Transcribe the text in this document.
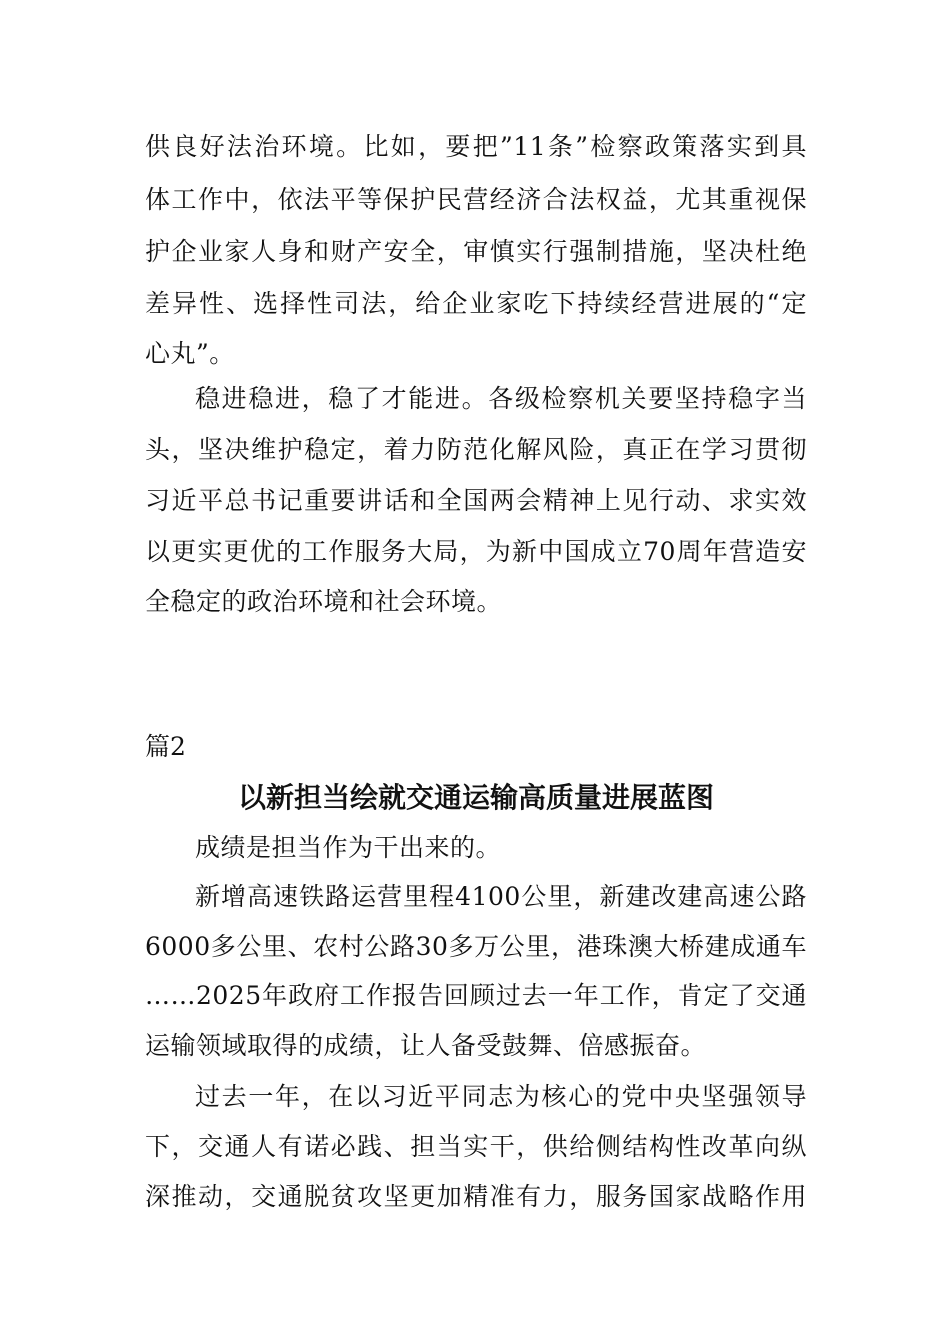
供良好法治环境。比如，要把”11条”检察政策落实到具
体工作中，依法平等保护民营经济合法权益，尤其重视保
护企业家人身和财产安全，审慎实行强制措施，坚决杜绝
差异性、选择性司法，给企业家吃下持续经营进展的“定
心丸”。
稳进稳进，稳了才能进。各级检察机关要坚持稳字当
头，坚决维护稳定，着力防范化解风险，真正在学习贯彻
习近平总书记重要讲话和全国两会精神上见行动、求实效
以更实更优的工作服务大局，为新中国成立70周年营造安
全稳定的政治环境和社会环境。
篇2
以新担当绘就交通运输高质量进展蓝图
成绩是担当作为干出来的。
新增高速铁路运营里程4100公里，新建改建高速公路
6000多公里、农村公路30多万公里，港珠澳大桥建成通车
……2025年政府工作报告回顾过去一年工作，肯定了交通
运输领域取得的成绩，让人备受鼓舞、倍感振奋。
过去一年，在以习近平同志为核心的党中央坚强领导
下，交通人有诺必践、担当实干，供给侧结构性改革向纵
深推动，交通脱贫攻坚更加精准有力，服务国家战略作用
